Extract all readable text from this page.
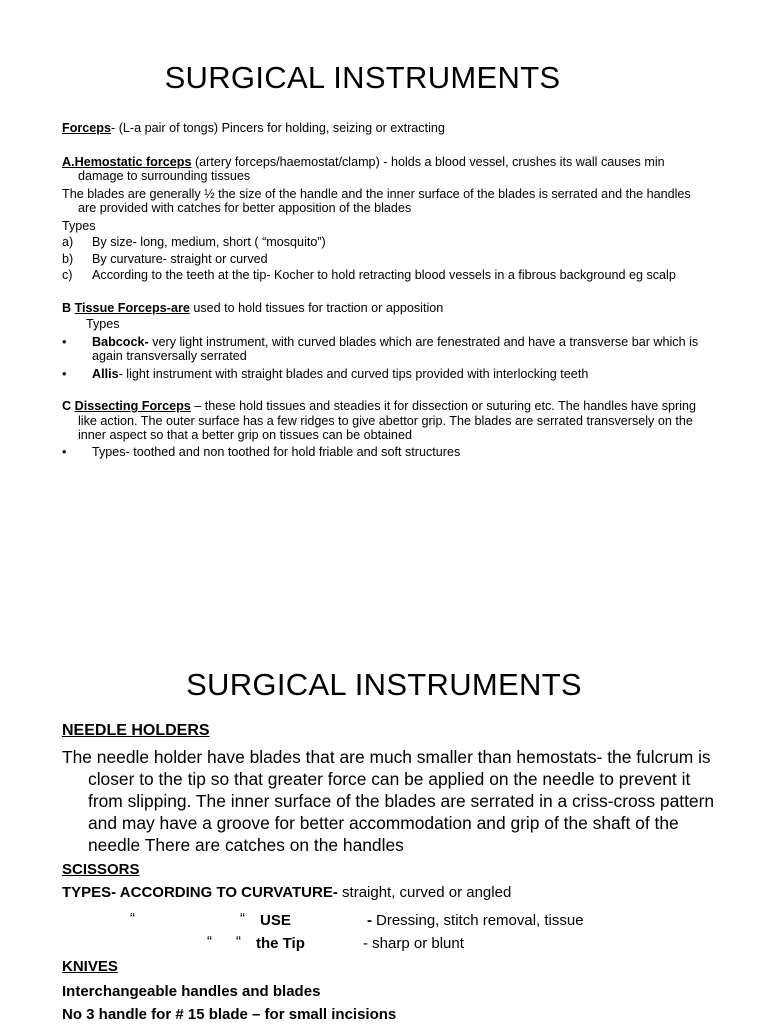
SURGICAL INSTRUMENTS

Forceps- (L-a pair of tongs) Pincers for holding, seizing or extracting

A.Hemostatic forceps (artery forceps/haemostat/clamp) - holds a blood vessel, crushes its wall causes min damage to surrounding tissues

The blades are generally ½ the size of the handle and the inner surface of the blades is serrated and the handles are provided with catches for better apposition of the blades

Types

a)	By size- long, medium, short ( “mosquito”)
b)	By curvature- straight or curved
c)	According to the teeth at the tip- Kocher to hold retracting blood vessels in a fibrous background eg scalp

B Tissue Forceps-are used to hold tissues for traction or apposition

Types

•	Babcock- very light instrument, with curved blades which are fenestrated and have a transverse bar which is again transversally serrated
•	Allis- light instrument with straight blades and curved tips provided with interlocking teeth

C Dissecting Forceps – these hold tissues and steadies it for dissection or suturing etc. The handles have spring like action. The outer surface has a few ridges to give abettor grip. The blades are serrated transversely on the inner aspect so that a better grip on tissues can be obtained

•	Types- toothed and non toothed for hold friable and soft structures
SURGICAL INSTRUMENTS
NEEDLE HOLDERS
The needle holder have blades that are much smaller than hemostats- the fulcrum is closer to the tip so that greater force can be applied on the needle to prevent it from slipping. The inner surface of the blades are serrated in a criss-cross pattern and may have a groove for better accommodation and grip of the shaft of the needle There are catches on the handles
SCISSORS
TYPES- ACCORDING TO CURVATURE- straight, curved or angled
“	“ USE	- Dressing, stitch removal, tissue
“ “ the Tip	- sharp or blunt
KNIVES
Interchangeable handles and blades
No 3 handle for # 15 blade – for small incisions
